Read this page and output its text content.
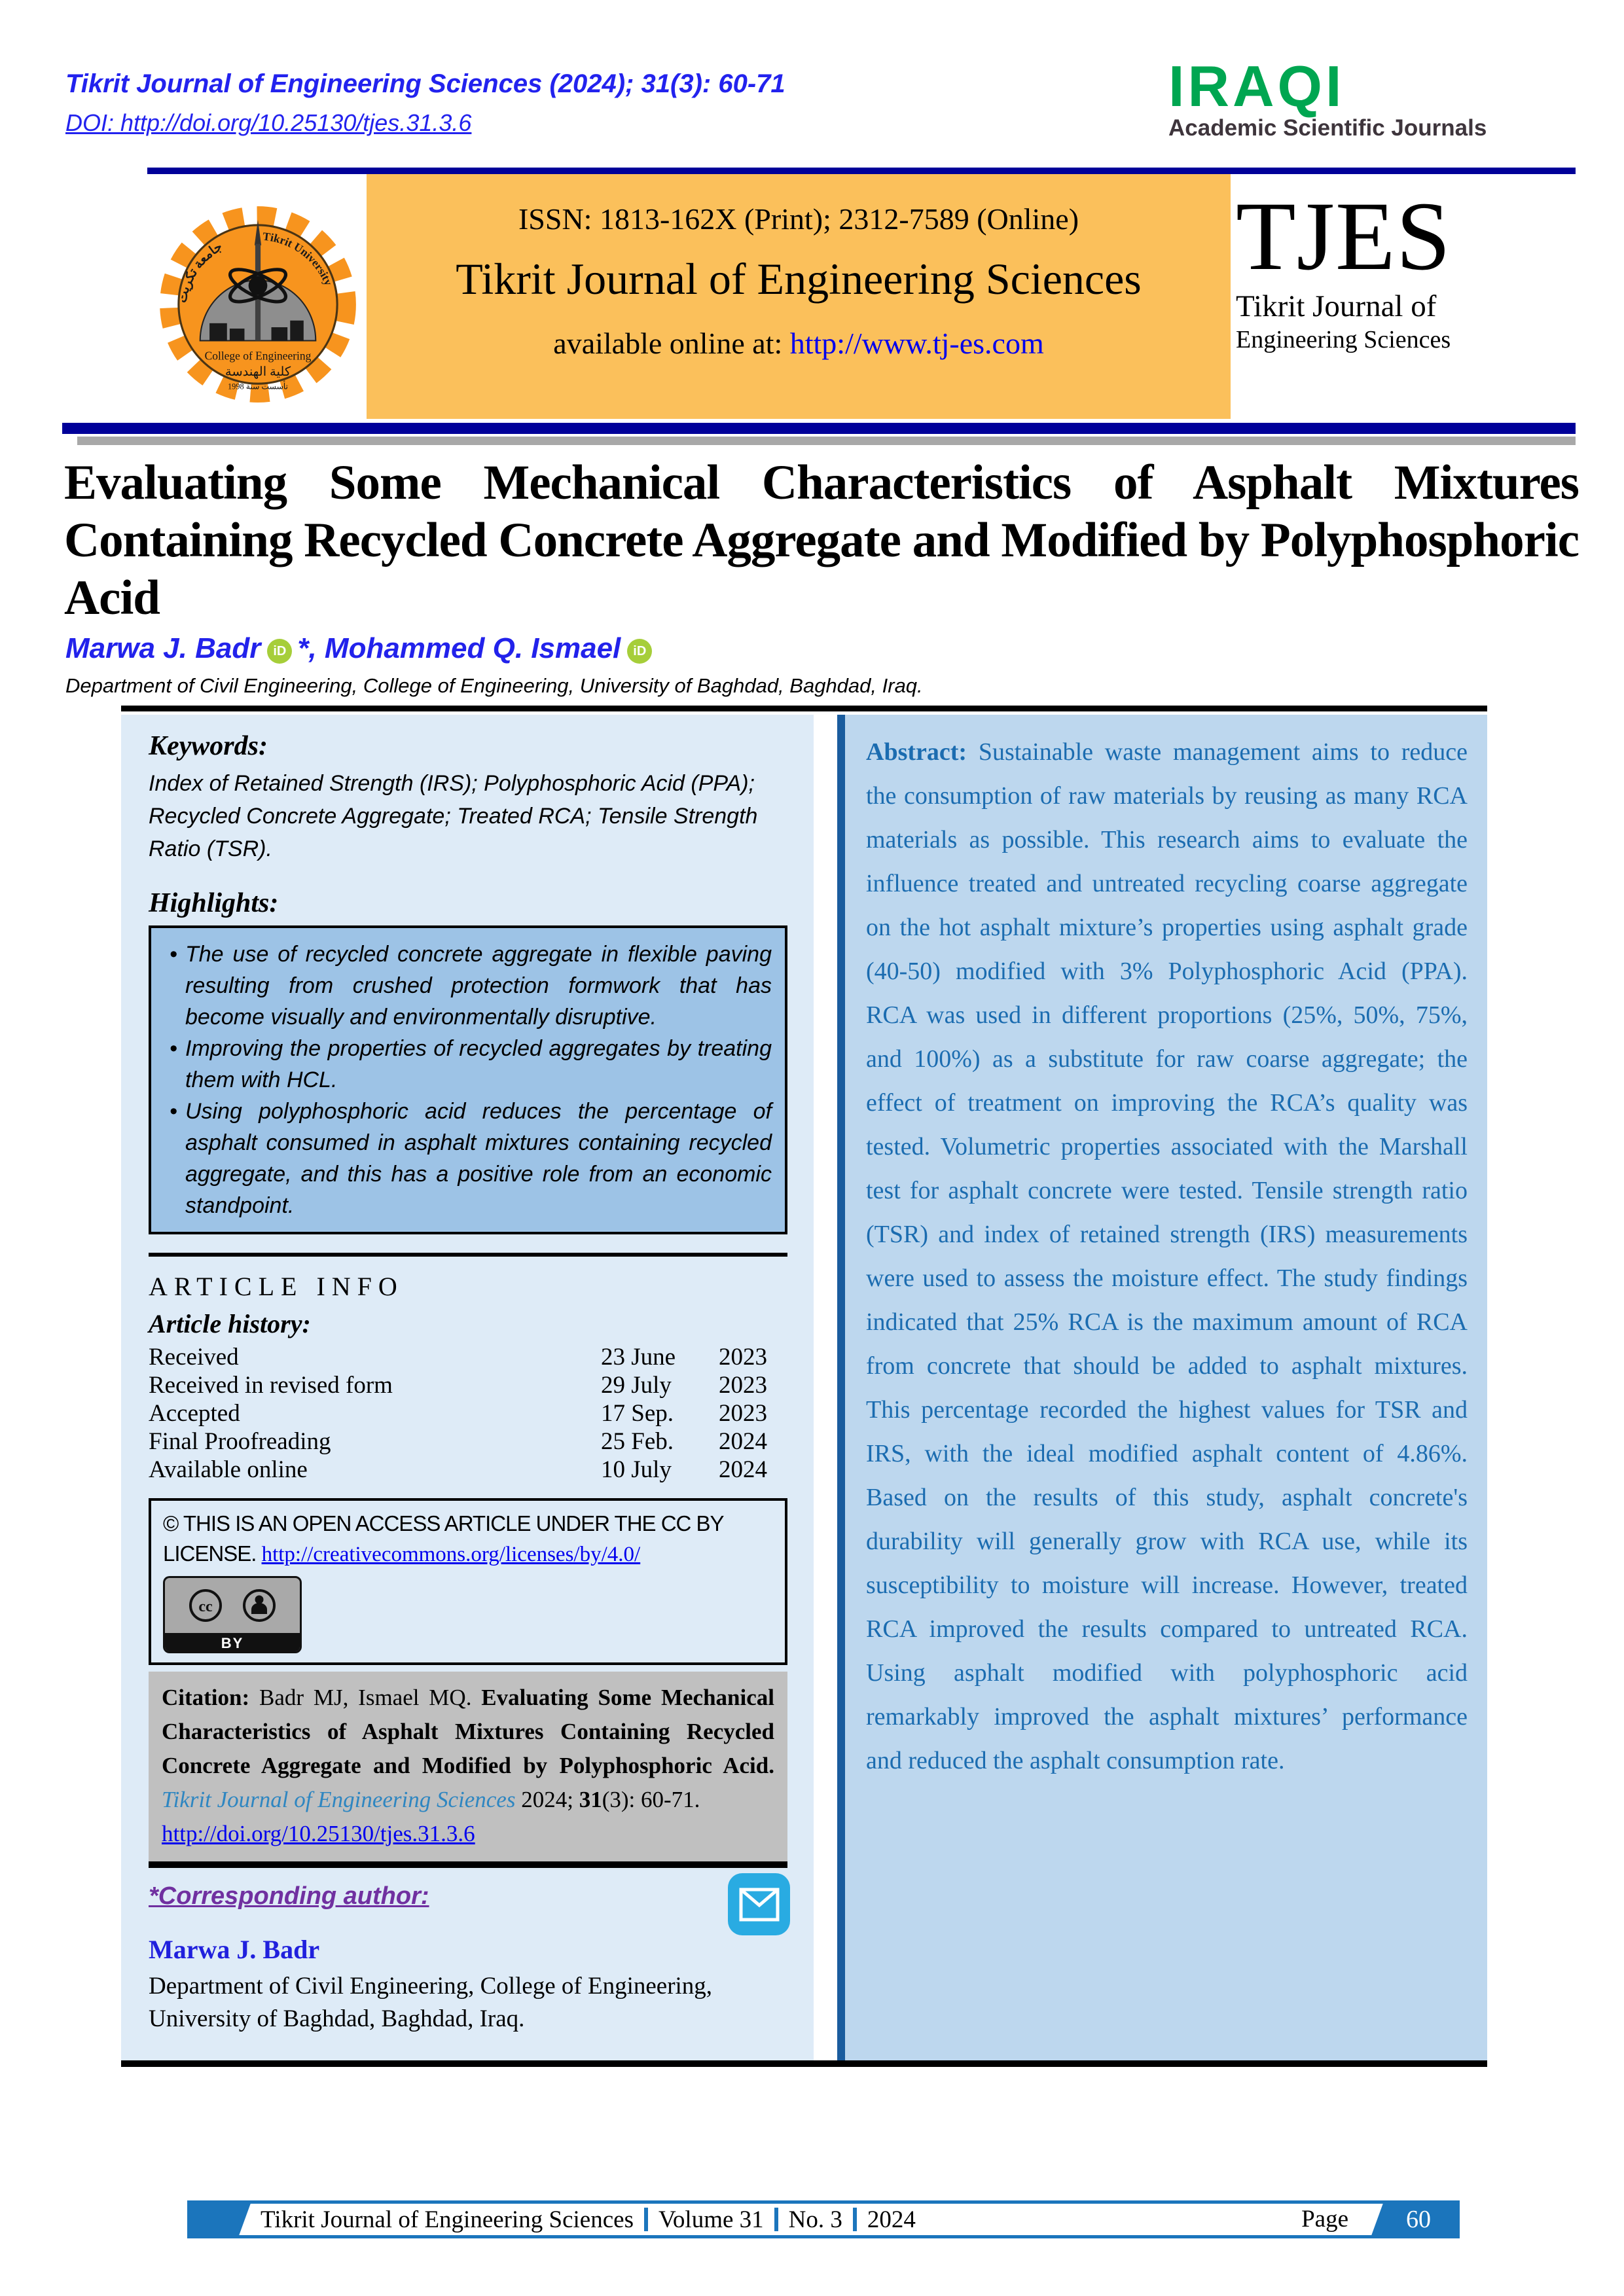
Tikrit Journal of Engineering Sciences (2024); 31(3): 60-71
DOI: http://doi.org/10.25130/tjes.31.3.6
IRAQI
Academic Scientific Journals
جامعة تكريت
Tikrit University
College of Engineering
كلية الهندسة
تأسست سنة 1998
ISSN: 1813-162X (Print); 2312-7589 (Online)
Tikrit Journal of Engineering Sciences
available online at: http://www.tj-es.com
TJES
Tikrit Journal of
Engineering Sciences
Evaluating Some Mechanical Characteristics of Asphalt Mixtures Containing Recycled Concrete Aggregate and Modified by Polyphosphoric Acid
Marwa J. Badr iD *, Mohammed Q. Ismael iD
Department of Civil Engineering, College of Engineering, University of Baghdad, Baghdad, Iraq.
Keywords:
Index of Retained Strength (IRS); Polyphosphoric Acid (PPA); Recycled Concrete Aggregate; Treated RCA; Tensile Strength Ratio (TSR).
Highlights:
• The use of recycled concrete aggregate in flexible paving resulting from crushed protection formwork that has become visually and environmentally disruptive.
• Improving the properties of recycled aggregates by treating them with HCL.
• Using polyphosphoric acid reduces the percentage of asphalt consumed in asphalt mixtures containing recycled aggregate, and this has a positive role from an economic standpoint.
ARTICLE INFO
Article history:
Received	23 June	2023
Received in revised form	29 July	2023
Accepted	17 Sep.	2023
Final Proofreading	25 Feb.	2024
Available online	10 July	2024
© THIS IS AN OPEN ACCESS ARTICLE UNDER THE CC BY LICENSE. http://creativecommons.org/licenses/by/4.0/
cc
BY
Citation: Badr MJ, Ismael MQ. Evaluating Some Mechanical Characteristics of Asphalt Mixtures Containing Recycled Concrete Aggregate and Modified by Polyphosphoric Acid. Tikrit Journal of Engineering Sciences 2024; 31(3): 60-71.
http://doi.org/10.25130/tjes.31.3.6
*Corresponding author:
Marwa J. Badr
Department of Civil Engineering, College of Engineering, University of Baghdad, Baghdad, Iraq.
Abstract: Sustainable waste management aims to reduce the consumption of raw materials by reusing as many RCA materials as possible. This research aims to evaluate the influence treated and untreated recycling coarse aggregate on the hot asphalt mixture’s properties using asphalt grade (40-50) modified with 3% Polyphosphoric Acid (PPA). RCA was used in different proportions (25%, 50%, 75%, and 100%) as a substitute for raw coarse aggregate; the effect of treatment on improving the RCA’s quality was tested. Volumetric properties associated with the Marshall test for asphalt concrete were tested. Tensile strength ratio (TSR) and index of retained strength (IRS) measurements were used to assess the moisture effect. The study findings indicated that 25% RCA is the maximum amount of RCA from concrete that should be added to asphalt mixtures. This percentage recorded the highest values for TSR and IRS, with the ideal modified asphalt content of 4.86%. Based on the results of this study, asphalt concrete's durability will generally grow with RCA use, while its susceptibility to moisture will increase. However, treated RCA improved the results compared to untreated RCA. Using asphalt modified with polyphosphoric acid remarkably improved the asphalt mixtures’ performance and reduced the asphalt consumption rate.
Tikrit Journal of Engineering Sciences Volume 31 No. 3 2024	Page 60
